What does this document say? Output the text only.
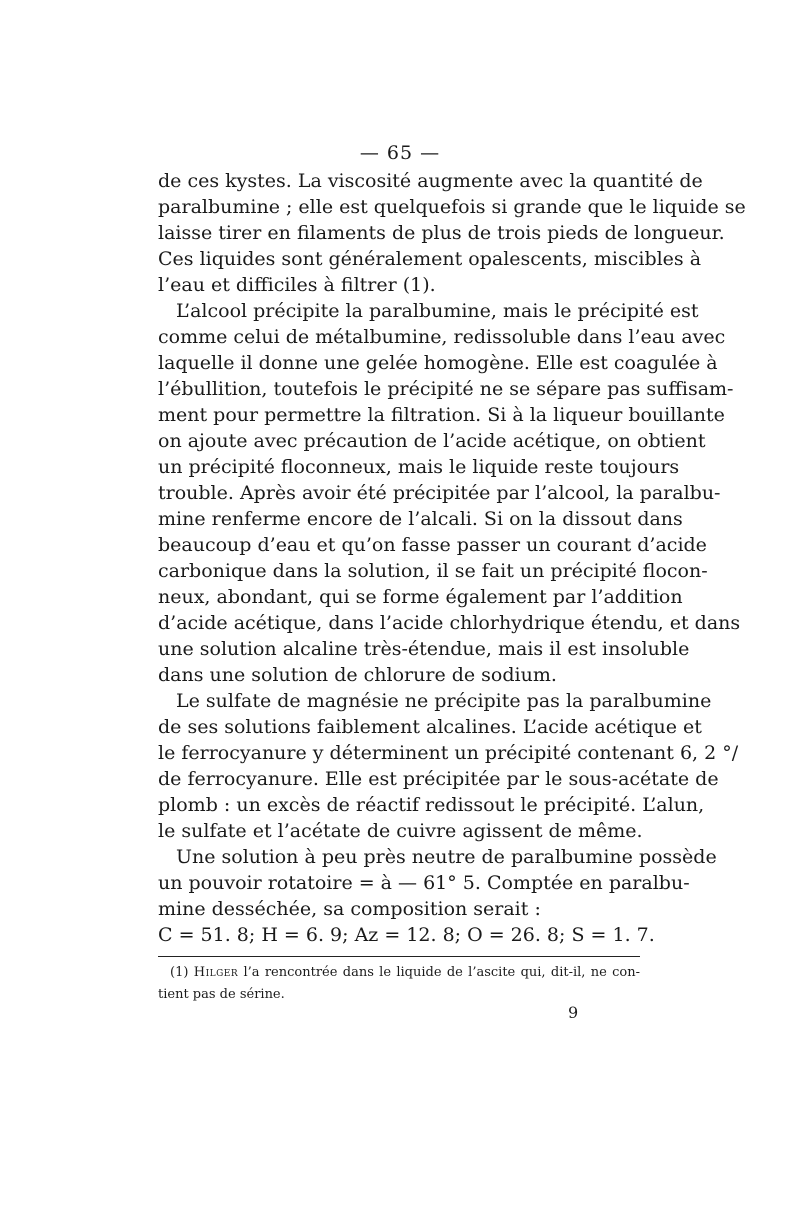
— 65 —
de ces kystes. La viscosité augmente avec la quantité de
paralbumine ; elle est quelquefois si grande que le liquide se
laisse tirer en filaments de plus de trois pieds de longueur.
Ces liquides sont généralement opalescents, miscibles à
l’eau et difficiles à filtrer (1).
L’alcool précipite la paralbumine, mais le précipité est
comme celui de métalbumine, redissoluble dans l’eau avec
laquelle il donne une gelée homogène. Elle est coagulée à
l’ébullition, toutefois le précipité ne se sépare pas suffisam-
ment pour permettre la filtration. Si à la liqueur bouillante
on ajoute avec précaution de l’acide acétique, on obtient
un précipité floconneux, mais le liquide reste toujours
trouble. Après avoir été précipitée par l’alcool, la paralbu-
mine renferme encore de l’alcali. Si on la dissout dans
beaucoup d’eau et qu’on fasse passer un courant d’acide
carbonique dans la solution, il se fait un précipité flocon-
neux, abondant, qui se forme également par l’addition
d’acide acétique, dans l’acide chlorhydrique étendu, et dans
une solution alcaline très-étendue, mais il est insoluble
dans une solution de chlorure de sodium.
Le sulfate de magnésie ne précipite pas la paralbumine
de ses solutions faiblement alcalines. L’acide acétique et
le ferrocyanure y déterminent un précipité contenant 6, 2 °/
de ferrocyanure. Elle est précipitée par le sous-acétate de
plomb : un excès de réactif redissout le précipité. L’alun,
le sulfate et l’acétate de cuivre agissent de même.
Une solution à peu près neutre de paralbumine possède
un pouvoir rotatoire = à — 61° 5. Comptée en paralbu-
mine desséchée, sa composition serait :
C = 51. 8; H = 6. 9; Az = 12. 8; O = 26. 8; S = 1. 7.
(1) Hilger l’a rencontrée dans le liquide de l’ascite qui, dit-il, ne con-
tient pas de sérine.
9
